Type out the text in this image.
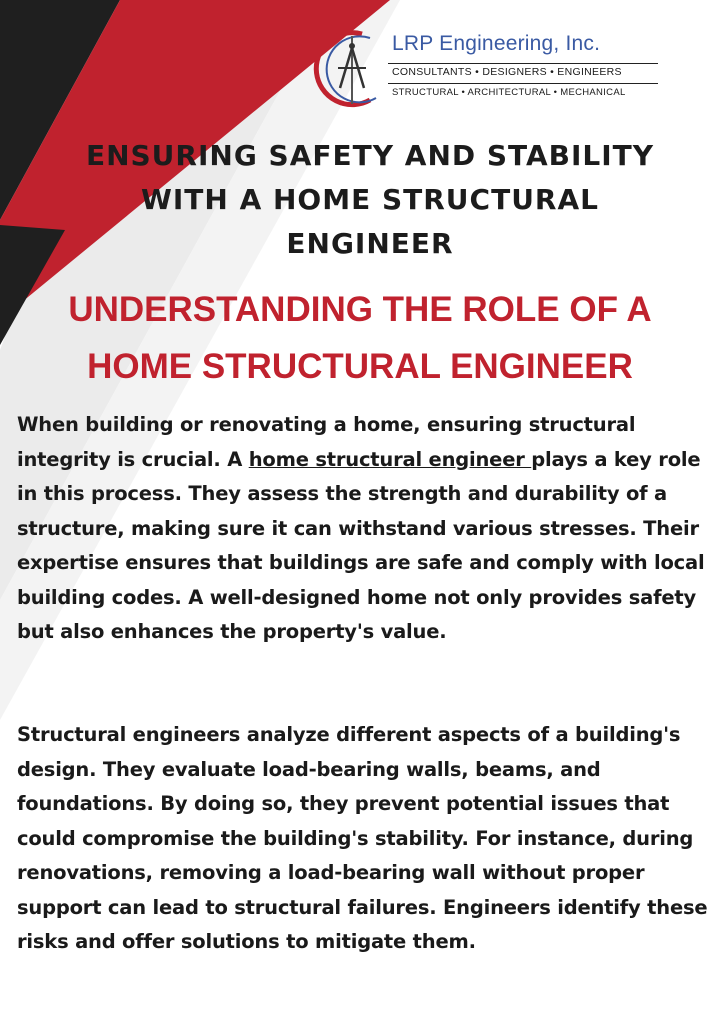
LRP Engineering, Inc.
CONSULTANTS • DESIGNERS • ENGINEERS
STRUCTURAL • ARCHITECTURAL • MECHANICAL
ENSURING SAFETY AND STABILITY WITH A HOME STRUCTURAL ENGINEER
UNDERSTANDING THE ROLE OF A HOME STRUCTURAL ENGINEER

When building or renovating a home, ensuring structural integrity is crucial. A home structural engineer plays a key role in this process. They assess the strength and durability of a structure, making sure it can withstand various stresses. Their expertise ensures that buildings are safe and comply with local building codes. A well-designed home not only provides safety but also enhances the property's value.

Structural engineers analyze different aspects of a building's design. They evaluate load-bearing walls, beams, and foundations. By doing so, they prevent potential issues that could compromise the building's stability. For instance, during renovations, removing a load-bearing wall without proper support can lead to structural failures. Engineers identify these risks and offer solutions to mitigate them.
